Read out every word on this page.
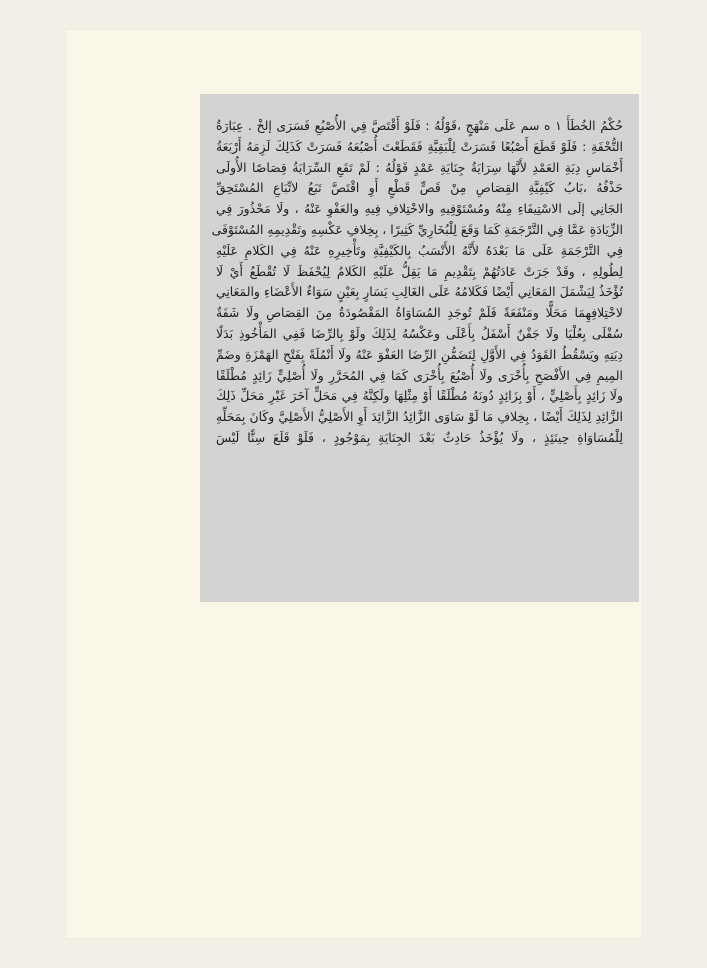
حُكْمُ الخُطَأَ ١ ه سم عَلَى مَنْهَجٍ ،قَوْلُهُ : فَلَوْ أَقْتَصَّ فِي الأُصْبُعِ فَسَرَى إلخْ . عِبَارَةُ
التُّحْفَةِ : فَلَوْ قَطَعَ أَصْبُعًا فَسَرَتْ لِلْبَقِيَّةِ فَقَطَعْتَ أُصْبُعَهُ فَسَرَتْ كَذَلِكَ لَزِمَهُ أَرْبَعَةُ
أَخْمَاسِ دِيَةِ العَمْدِ لأَنَّهَا سِرَايَةُ جِنَايَةِ عَمْدٍ قَوْلُهُ : لَمْ تَقَعِ السِّرَايَةُ قِصَاصًا الأُولَى
حَذْفُهُ ،بَابُ كَيْفِيَّةِ القِصَاصِ مِنْ قَصٍّ قَطْعٍ أَوِ اقْتَصَّ تَبَعُ لاتِّبَاعِ المُسْتَحِقِّ
الجَانِي إلَى الاسْتِيفَاءِ مِنْهُ ومُسْتَوْفِيهِ والاخْتِلافِ فِيهِ والعَفْوِ عَنْهُ ، ولَا مَحْذُورَ فِي
الزِّيَادَةِ عَمَّا فِي التَّرْجَمَةِ كَمَا وَقَعَ لِلْبُخَارِيِّ كَثِيرًا ، بِخِلافِ عَكْسِهِ وتَقْدِيمِهِ المُسْتَوْفَى
فِي التَّرْجَمَةِ عَلَى مَا بَعْدَهُ لأَنَّهُ الأَنْسَبُ بِالكَيْفِيَّةِ وتَأْخِيرِهِ عَنْهُ فِي الكَلامِ عَلَيْهِ
لِطُولِهِ ، وقَدْ جَرَتْ عَادَتُهُمْ بِتَقْدِيمِ مَا يَقِلُّ عَلَيْهِ الكَلامُ لِيُحْفَظَ لَا تُقْطَعُ أَيْ لَا
تُؤْخَذُ لِيَشْمَلَ المَعَانِي أَيْضًا فَكَلامُهُ عَلَى الغَالِبِ يَسَارٍ بِعَيْنٍ سَوَاءٌ الأَعْضَاءِ والمَعَانِي
لاخْتِلافِهِمَا مَحَلًّا ومَنْفَعَةً فَلَمْ تُوجَدِ المُسَاوَاةُ المَقْصُودَةُ مِنَ القِصَاصِ ولَا شَفَةٌ
سُفْلَى بِعُلْيَا ولَا جَفْنٌ أَسْفَلُ بِأَعْلَى وعَكْسُهُ لِذَلِكَ ولَوْ بِالرِّضَا فَفِي المَأْخُوذِ بَدَلًا
دِيَتِهِ ويَسْقُطُ القَوَدُ فِي الأَوَّلِ لِتَضَمُّنِ الرِّضَا العَفْوَ عَنْهُ ولَا أَنْمُلَةً بِفَتْحِ الهَمْزَةِ وضَمِّ
المِيمِ فِي الأَفْصَحِ بِأُخْرَى ولَا أُصْبُعَ بِأُخْرَى كَمَا فِي المُحَرَّرِ ولَا أُصْلِيٍّ زَائِدٍ مُطْلَقًا
ولَا زَائِدٍ بِأَصْلِيٍّ ، أَوْ بِزَائِدٍ دُونَهُ مُطْلَقًا أَوْ مِثْلِهَا ولَكِنَّهُ فِي مَحَلٍّ آخَرَ غَيْرِ مَحَلِّ ذَلِكَ
الزَّائِدِ لِذَلِكَ أَيْضًا ، بِخِلافِ مَا لَوْ سَاوَى الزَّائِدُ الزَّائِدَ أَوِ الأَصْلِيُّ الأَصْلِيَّ وكَانَ بِمَحَلِّهِ
لِلْمُسَاوَاةِ حِينَئِذٍ ، ولَا يُؤْخَذُ حَادِثٌ بَعْدَ الجِنَايَةِ بِمَوْجُودٍ ، فَلَوْ قَلَعَ سِنًّا لَيْسَ
